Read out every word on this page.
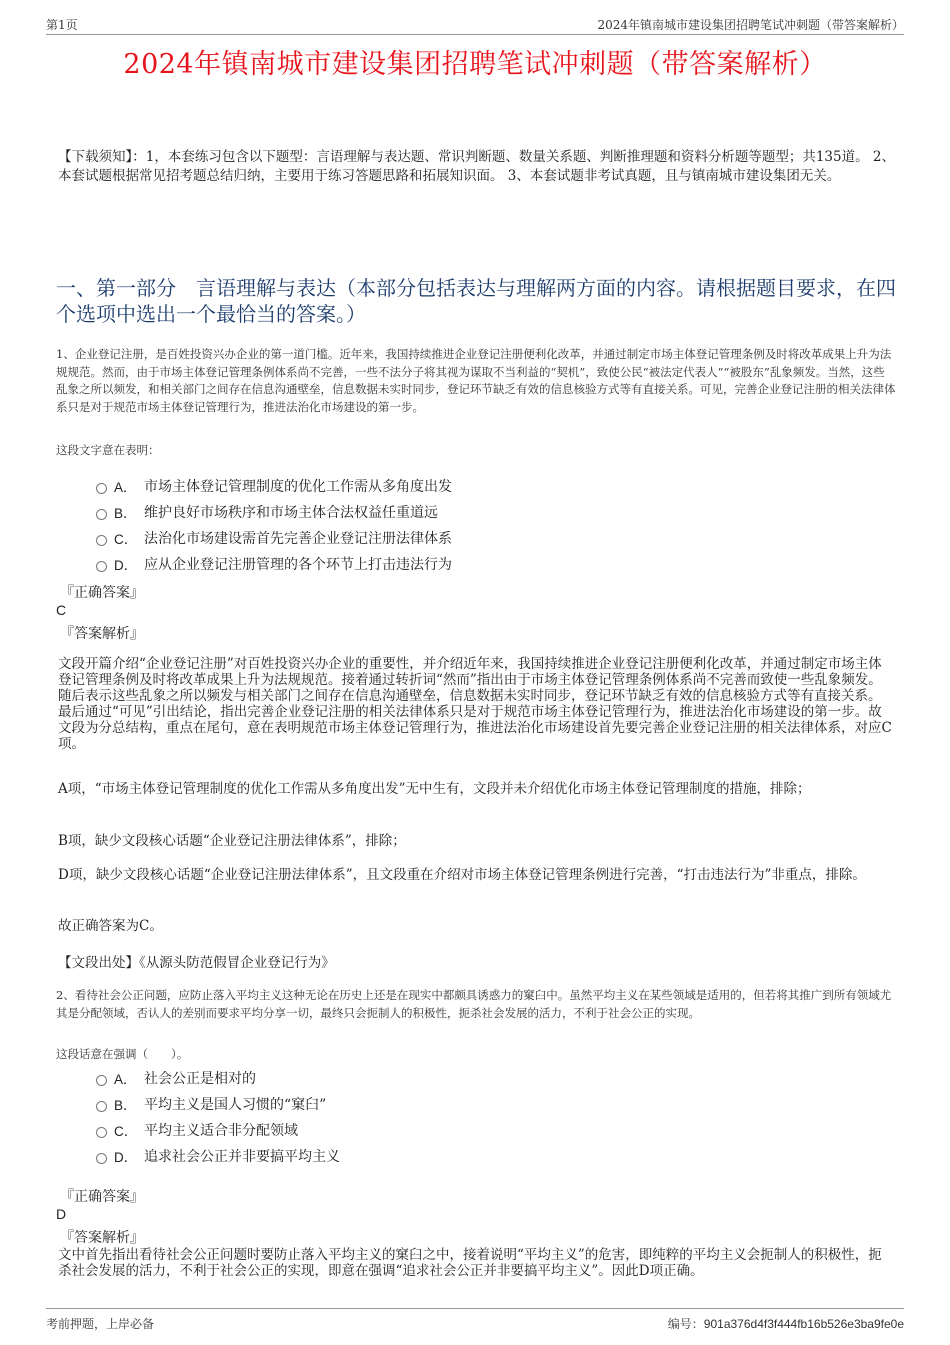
第1页	2024年镇南城市建设集团招聘笔试冲刺题（带答案解析）
2024年镇南城市建设集团招聘笔试冲刺题（带答案解析）
【下载须知】：1，本套练习包含以下题型：言语理解与表达题、常识判断题、数量关系题、判断推理题和资料分析题等题型；共135道。 2、本套试题根据常见招考题总结归纳，主要用于练习答题思路和拓展知识面。 3、本套试题非考试真题，且与镇南城市建设集团无关。
一、第一部分　言语理解与表达（本部分包括表达与理解两方面的内容。请根据题目要求，在四个选项中选出一个最恰当的答案。）
1、企业登记注册，是百姓投资兴办企业的第一道门槛。近年来，我国持续推进企业登记注册便利化改革，并通过制定市场主体登记管理条例及时将改革成果上升为法规规范。然而，由于市场主体登记管理条例体系尚不完善，一些不法分子将其视为谋取不当利益的“契机”，致使公民“被法定代表人”“被股东”乱象频发。当然，这些乱象之所以频发，和相关部门之间存在信息沟通壁垒，信息数据未实时同步，登记环节缺乏有效的信息核验方式等有直接关系。可见，完善企业登记注册的相关法律体系只是对于规范市场主体登记管理行为，推进法治化市场建设的第一步。
这段文字意在表明：
A． 市场主体登记管理制度的优化工作需从多角度出发
B． 维护良好市场秩序和市场主体合法权益任重道远
C． 法治化市场建设需首先完善企业登记注册法律体系
D． 应从企业登记注册管理的各个环节上打击违法行为
『正确答案』
C
『答案解析』

文段开篇介绍“企业登记注册”对百姓投资兴办企业的重要性，并介绍近年来，我国持续推进企业登记注册便利化改革，并通过制定市场主体登记管理条例及时将改革成果上升为法规规范。接着通过转折词“然而”指出由于市场主体登记管理条例体系尚不完善而致使一些乱象频发。随后表示这些乱象之所以频发与相关部门之间存在信息沟通壁垒，信息数据未实时同步，登记环节缺乏有效的信息核验方式等有直接关系。最后通过“可见”引出结论，指出完善企业登记注册的相关法律体系只是对于规范市场主体登记管理行为，推进法治化市场建设的第一步。故文段为分总结构，重点在尾句，意在表明规范市场主体登记管理行为，推进法治化市场建设首先要完善企业登记注册的相关法律体系，对应C项。

A项，“市场主体登记管理制度的优化工作需从多角度出发”无中生有，文段并未介绍优化市场主体登记管理制度的措施，排除；

B项，缺少文段核心话题“企业登记注册法律体系”，排除；

D项，缺少文段核心话题“企业登记注册法律体系”，且文段重在介绍对市场主体登记管理条例进行完善，“打击违法行为”非重点，排除。

故正确答案为C。

【文段出处】《从源头防范假冒企业登记行为》
2、看待社会公正问题，应防止落入平均主义这种无论在历史上还是在现实中都颇具诱惑力的窠臼中。虽然平均主义在某些领域是适用的，但若将其推广到所有领域尤其是分配领域，否认人的差别而要求平均分享一切，最终只会扼制人的积极性，扼杀社会发展的活力，不利于社会公正的实现。
这段话意在强调（　　）。
A． 社会公正是相对的
B． 平均主义是国人习惯的“窠臼”
C． 平均主义适合非分配领域
D． 追求社会公正并非要搞平均主义
『正确答案』
D
『答案解析』

文中首先指出看待社会公正问题时要防止落入平均主义的窠臼之中，接着说明“平均主义”的危害，即纯粹的平均主义会扼制人的积极性，扼杀社会发展的活力，不利于社会公正的实现，即意在强调“追求社会公正并非要搞平均主义”。因此D项正确。

考前押题，上岸必备	编号：901a376d4f3f444fb16b526e3ba9fe0e
